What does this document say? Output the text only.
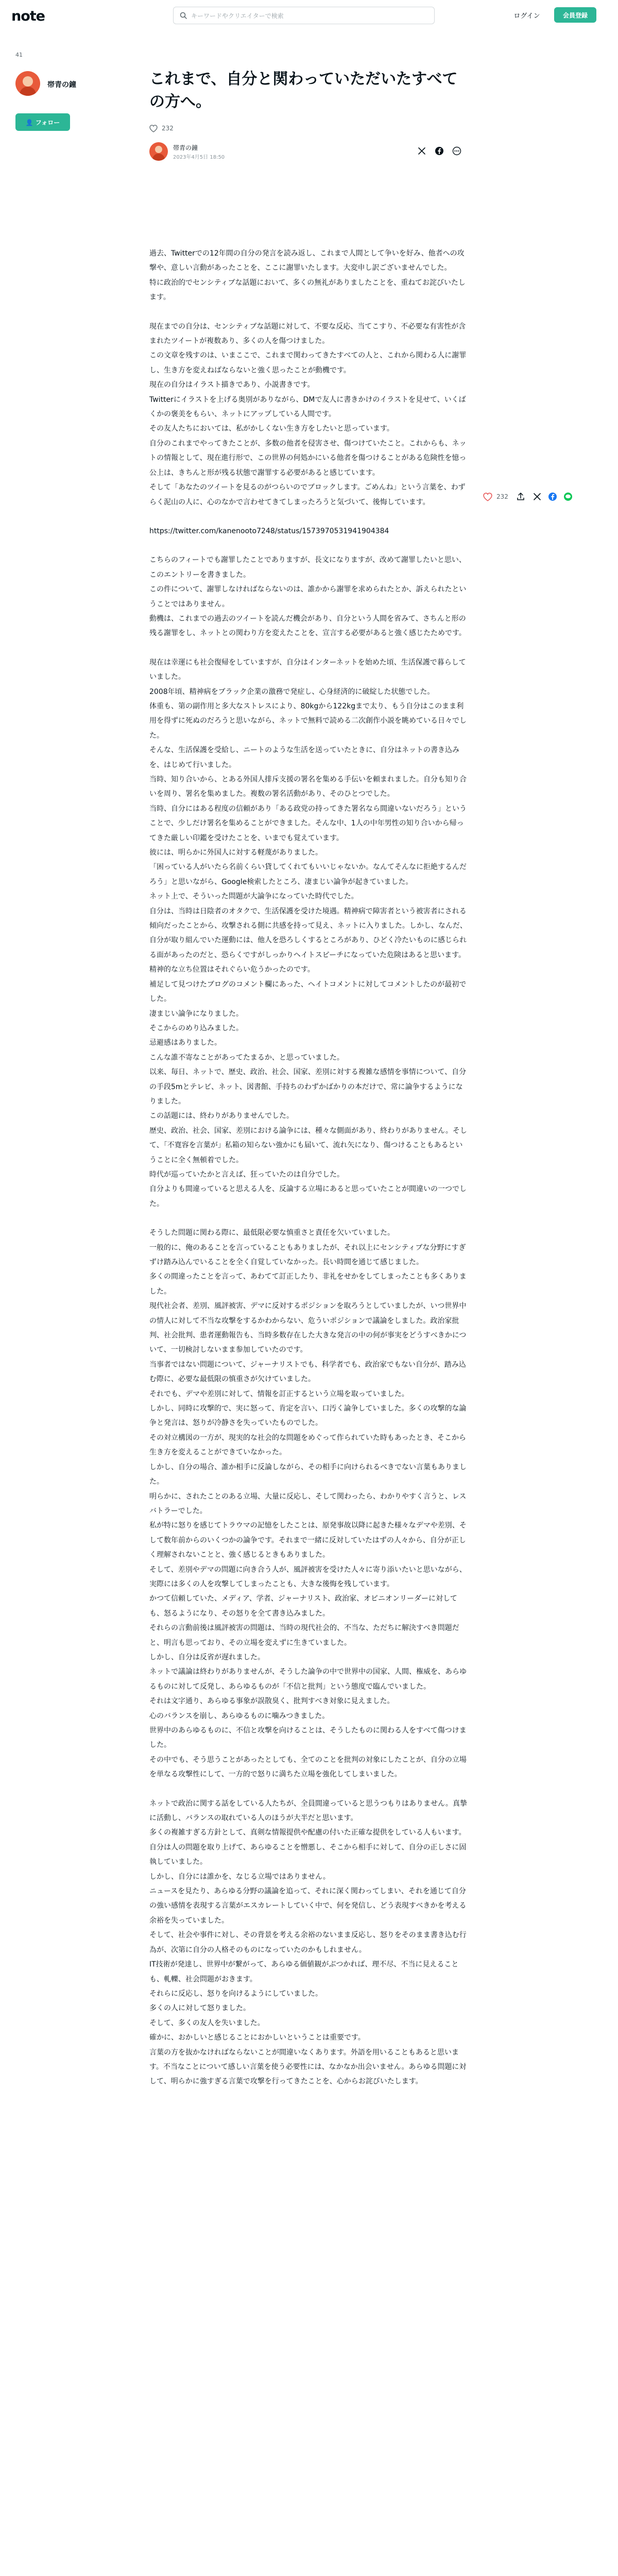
note
キーワードやクリエイターで検索	ログイン	会員登録
41
帯青の鐘
👤 フォロー
これまで、自分と関わっていただいたすべての方へ。
232
帯青の鐘
2023年4月5日 18:50
232

過去、Twitterでの12年間の自分の発言を読み返し、これまで人間として争いを好み、他者への攻撃や、意しい言動があったことを、ここに謝罪いたします。大変申し訳ございませんでした。
特に政治的でセンシティブな話題において、多くの無礼がありましたことを、重ねてお詫びいたします。

現在までの自分は、センシティブな話題に対して、不要な反応、当てこすり、不必要な有害性が含まれたツイートが複数あり、多くの人を傷つけました。
この文章を残すのは、いまここで、これまで関わってきたすべての人と、これから関わる人に謝罪し、生き方を変えねばならないと強く思ったことが動機です。
現在の自分はイラスト描きであり、小説書きです。
Twitterにイラストを上げる奥別がありながら、DMで友人に書きかけのイラストを見せて、いくばくかの褒美をもらい、ネットにアップしている人間です。
その友人たちにおいては、私がかしくない生き方をしたいと思っています。
自分のこれまでやってきたことが、多数の他者を侵害させ、傷つけていたこと。これからも、ネットの情報として、現在進行形で、この世界の何処かにいる他者を傷つけることがある危険性を憶っ公上は、きちんと形が残る状態で謝罪する必要があると感じています。
そして「あなたのツイートを見るのがつらいのでブロックします。ごめんね」という言葉を、わずらく泥山の人に、心のなかで言わせてきてしまったろうと気づいて、後悔しています。

https://twitter.com/kanenooto7248/status/1573970531941904384

こちらのフィートでも謝罪したことでありますが、長文になりますが、改めて謝罪したいと思い、このエントリーを書きました。
この件について、謝罪しなければならないのは、誰かから謝罪を求められたとか、訴えられたということではありません。
動機は、これまでの過去のツイートを読んだ機会があり、自分という人間を省みて、さちんと形の残る謝罪をし、ネットとの関わり方を変えたことを、宣言する必要があると強く感じたためです。

現在は幸運にも社会復帰をしていますが、自分はインターネットを始めた頃、生活保護で暮らしていました。
2008年頃、精神病をブラック企業の激務で発症し、心身経済的に破綻した状態でした。
体重も、第の副作用と多大なストレスにより、80kgから122kgまで太り、もう自分はこのまま利用を得ずに死ぬのだろうと思いながら、ネットで無料で読める二次創作小説を眺めている日々でした。
そんな、生活保護を受給し、ニートのような生活を送っていたときに、自分はネットの書き込みを、はじめて行いました。
当時、知り合いから、とある外国人排斥支援の署名を集める手伝いを頼まれました。自分も知り合いを周り、署名を集めました。複数の署名活動があり、そのひとつでした。
当時、自分にはある程度の信頼があり「ある政党の持ってきた署名なら間違いないだろう」ということで、少しだけ署名を集めることができました。そんな中、1人の中年男性の知り合いから帰ってきた厳しい印鑑を受けたことを、いまでも覚えています。
彼には、明らかに外国人に対する軽蔑がありました。
「困っている人がいたら名前くらい貸してくれてもいいじゃないか。なんてそんなに拒絶するんだろう」と思いながら、Google検索したところ、凄まじい論争が起きていました。
ネット上で、そういった問題が大論争になっていた時代でした。
自分は、当時は日陰者のオタクで、生活保護を受けた境遇。精神病で障害者という被害者にされる傾向だったことから、攻撃される側に共感を持って見え、ネットに入りました。しかし、なんだ、自分が取り組んでいた運動には、他人を恐ろしくするところがあり、ひどく冷たいものに感じられる面があったのだと、恐らくですがしっかりヘイトスピーチになっていた危険はあると思います。精神的な立ち位置はそれぐらい危うかったのです。
補足して見つけたブログのコメント欄にあった、ヘイトコメントに対してコメントしたのが最初でした。
凄まじい論争になりました。
そこからのめり込みました。
忌避感はありました。
こんな誰不寄なことがあってたまるか、と思っていました。
以来、毎日、ネットで、歴史、政治、社会、国家、差別に対する複雑な感情を事情について、自分の手段5mとテレビ、ネット、図書館、手持ちのわずかばかりの本だけで、常に論争するようになりました。
この話題には、終わりがありませんでした。
歴史、政治、社会、国家、差別における論争には、種々な側面があり、終わりがありません。そして、「不寛容を言葉が」私箱の知らない強かにも届いて、流れ矢になり、傷つけることもあるということに全く無頓着でした。
時代が巡っていたかと言えば、狂っていたのは自分でした。
自分よりも間違っていると思える人を、反論する立場にあると思っていたことが間違いの一つでした。

そうした問題に関わる際に、最低限必要な慎重さと責任を欠いていました。
一般的に、俺のあることを言っていることもありましたが、それ以上にセンシティブな分野にすぎずけ踏み込んでいることを全く自覚していなかった。長い時間を通じて感じました。
多くの間違ったことを言って、あわてて訂正したり、非礼をせかをしてしまったことも多くありました。
現代社会者、差別、風評被害、デマに反対するポジションを取ろうとしていましたが、いつ世界中の情人に対して不当な攻撃をするかわからない、危ういポジションで議論をしました。政治家批判、社会批判、患者運動報告も、当時多数存在した大きな発言の中の何が事実をどうすべきかについて、一切検討しないまま参加していたのです。
当事者ではない問題について、ジャーナリストでも、科学者でも、政治家でもない自分が、踏み込む際に、必要な最低限の慎重さが欠けていました。
それでも、デマや差別に対して、情報を訂正するという立場を取っていました。
しかし、同時に攻撃的で、実に怒って、肯定を言い、口汚く論争していました。多くの攻撃的な論争と発言は、怒りが冷静さを失っていたものでした。
その対立構図の一方が、現実的な社会的な問題をめぐって作られていた時もあったとき、そこから生き方を変えることができていなかった。
しかし、自分の場合、誰か相手に反論しながら、その相手に向けられるべきでない言葉もありました。
明らかに、されたことのある立場、大量に反応し、そして関わったら、わかりやすく言うと、レスバトラーでした。
私が特に怒りを感じてトラウマの記憶をしたことは、原発事故以降に起きた様々なデマや差別、そして数年前からのいくつかの論争です。それまで一緒に反対していたはずの人々から、自分が正しく理解されないことと、強く感じるときもありました。
そして、差別やデマの問題に向き合う人が、風評被害を受けた人々に寄り添いたいと思いながら、実際には多くの人を攻撃してしまったことも、大きな後悔を残しています。
かつて信頼していた、メディア、学者、ジャーナリスト、政治家、オピニオンリーダーに対しても、怒るようになり、その怒りを全て書き込みました。
それらの言動前後は風評被害の問題は、当時の現代社会的、不当な、ただちに解決すべき問題だと、明言も思っており、その立場を変えずに生きていました。
しかし、自分は反省が遅れました。
ネットで議論は終わりがありませんが、そうした論争の中で世界中の国家、人間、権威を、あらゆるものに対して反発し、あらゆるものが「不信と批判」という態度で臨んでいました。
それは文字通り、あらゆる事象が誤散臭く、批判すべき対象に見えました。
心のバランスを崩し、あらゆるものに噛みつきました。
世界中のあらゆるものに、不信と攻撃を向けることは、そうしたものに関わる人をすべて傷つけました。
その中でも、そう思うことがあったとしても、全てのことを批判の対象にしたことが、自分の立場を単なる攻撃性にして、一方的で怒りに満ちた立場を強化してしまいました。

ネットで政治に関する話をしている人たちが、全員間違っていると思うつもりはありません。真摯に活動し、バランスの取れている人のほうが大半だと思います。
多くの複雑すぎる方針として、真剣な情報提供や配慮の付いた正確な提供をしている人もいます。自分は人の問題を取り上げて、あらゆることを憎悪し、そこから相手に対して、自分の正しさに固執していました。
しかし、自分には誰かを、なじる立場ではありません。
ニュースを見たり、あらゆる分野の議論を追って、それに深く関わってしまい、それを通じて自分の強い感情を表現する言葉がエスカレートしていく中で、何を発信し、どう表現すべきかを考える余裕を失っていました。
そして、社会や事件に対し、その背景を考える余裕のないまま反応し、怒りをそのまま書き込む行為が、次第に自分の人格そのものになっていたのかもしれません。
IT技術が発達し、世界中が繋がって、あらゆる価値観がぶつかれば、理不尽、不当に見えることも、軋轢、社会問題がおきます。
それらに反応し、怒りを向けるようにしていました。
多くの人に対して怒りました。
そして、多くの友人を失いました。
確かに、おかしいと感じることにおかしいということは重要です。
言葉の方を抜かなければならないことが間違いなくあります。外語を用いることもあると思います。不当なことについて感しい言葉を使う必要性には、なかなか出会いません。あらゆる問題に対して、明らかに強すぎる言葉で攻撃を行ってきたことを、心からお詫びいたします。
